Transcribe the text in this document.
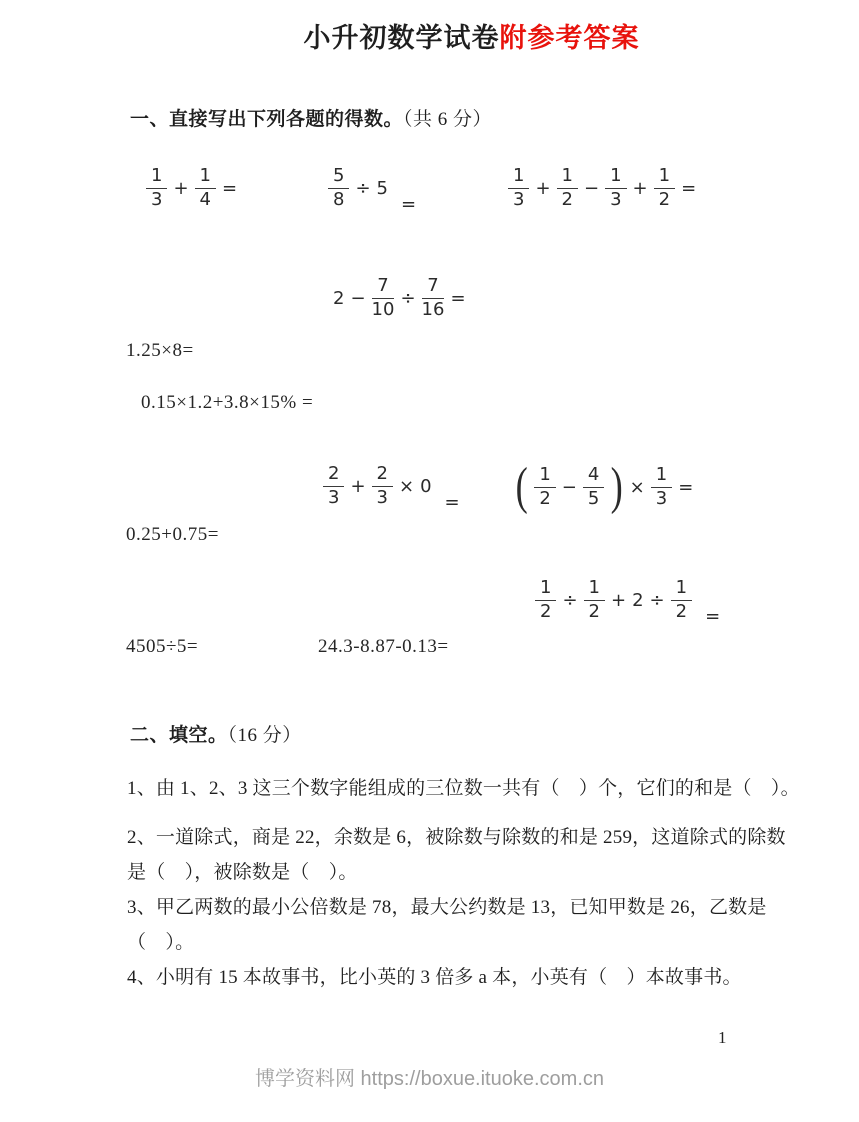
小升初数学试卷附参考答案
一、直接写出下列各题的得数。（共 6 分）
$\frac{1}{3} + \frac{1}{4}$ =	$\frac{5}{8} \div 5$
=	$\frac{1}{3} + \frac{1}{2} - \frac{1}{3} + \frac{1}{2}$ =
$2 - \frac{7}{10} \div \frac{7}{16}$ =
1.25×8=
0.15×1.2+3.8×15% =
$\frac{2}{3} + \frac{2}{3} \times 0$
= ( $\frac{1}{2} - \frac{4}{5}$ ) × $\frac{1}{3}$ =
0.25+0.75=
$\frac{1}{2} \div \frac{1}{2} + 2 \div \frac{1}{2}$ =
4505÷5=	24.3-8.87-0.13=
二、填空。（16 分）
1、由 1、2、3 这三个数字能组成的三位数一共有（　）个，它们的和是（　）。
2、一道除式，商是 22，余数是 6，被除数与除数的和是 259，这道除式的除数
是（　），被除数是（　）。
3、甲乙两数的最小公倍数是 78，最大公约数是 13，已知甲数是 26，乙数是
（　）。
4、小明有 15 本故事书，比小英的 3 倍多 a 本，小英有（　）本故事书。
1
博学资料网 https://boxue.ituoke.com.cn
